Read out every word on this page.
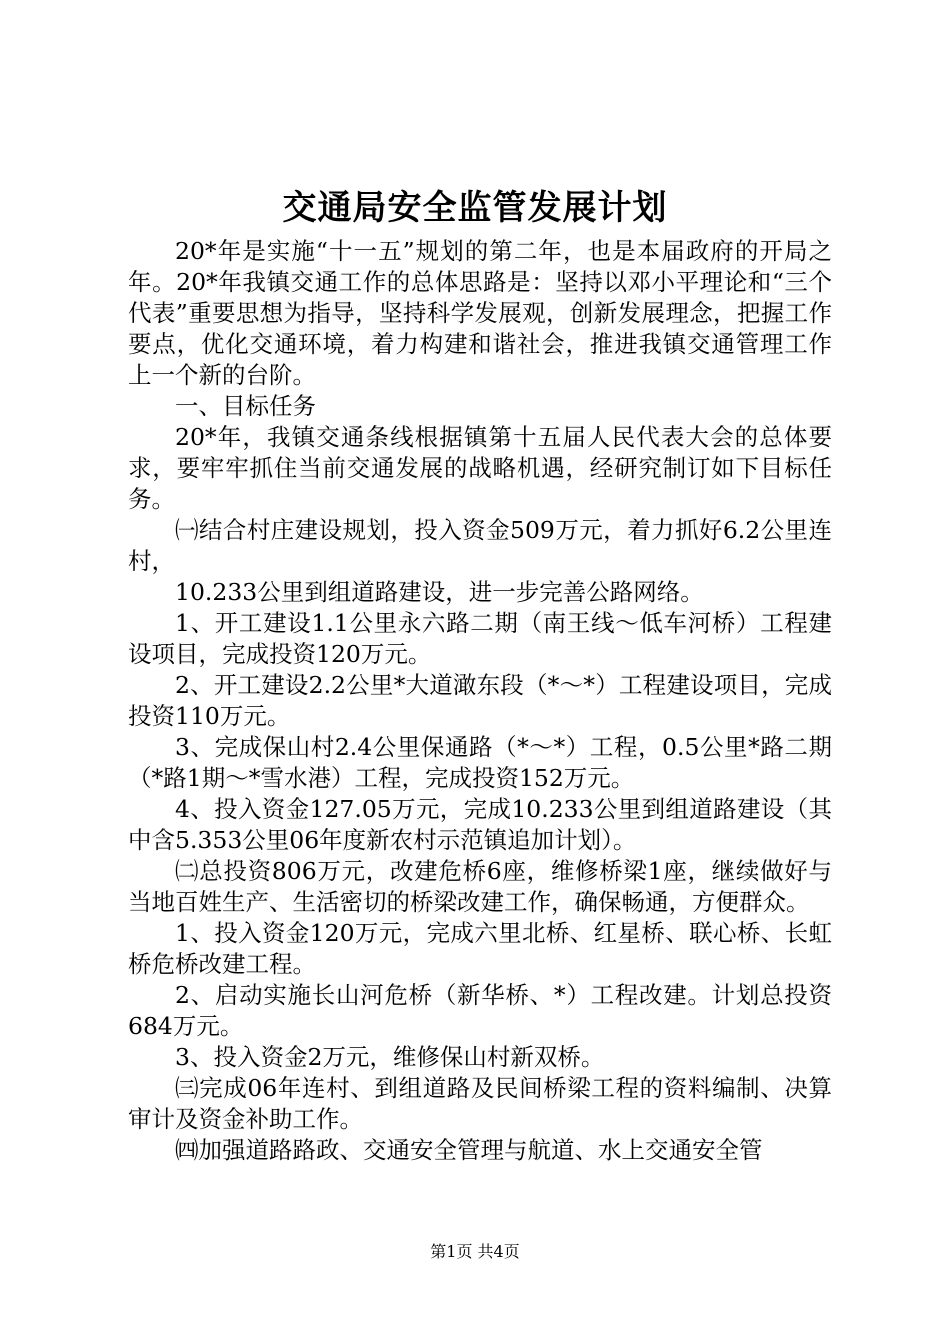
交通局安全监管发展计划

20*年是实施“十一五”规划的第二年，也是本届政府的开局之年。20*年我镇交通工作的总体思路是：坚持以邓小平理论和“三个代表”重要思想为指导，坚持科学发展观，创新发展理念，把握工作要点，优化交通环境，着力构建和谐社会，推进我镇交通管理工作上一个新的台阶。

一、目标任务

20*年，我镇交通条线根据镇第十五届人民代表大会的总体要求，要牢牢抓住当前交通发展的战略机遇，经研究制订如下目标任务。

㈠结合村庄建设规划，投入资金509万元，着力抓好6.2公里连村，

10.233公里到组道路建设，进一步完善公路网络。

1、开工建设1.1公里永六路二期（南王线～低车河桥）工程建设项目，完成投资120万元。

2、开工建设2.2公里*大道澉东段（*～*）工程建设项目，完成投资110万元。

3、完成保山村2.4公里保通路（*～*）工程，0.5公里*路二期（*路1期～*雪水港）工程，完成投资152万元。

4、投入资金127.05万元，完成10.233公里到组道路建设（其中含5.353公里06年度新农村示范镇追加计划）。

㈡总投资806万元，改建危桥6座，维修桥梁1座，继续做好与当地百姓生产、生活密切的桥梁改建工作，确保畅通，方便群众。

1、投入资金120万元，完成六里北桥、红星桥、联心桥、长虹桥危桥改建工程。

2、启动实施长山河危桥（新华桥、*）工程改建。计划总投资684万元。

3、投入资金2万元，维修保山村新双桥。

㈢完成06年连村、到组道路及民间桥梁工程的资料编制、决算审计及资金补助工作。

㈣加强道路路政、交通安全管理与航道、水上交通安全管

第1页 共4页
